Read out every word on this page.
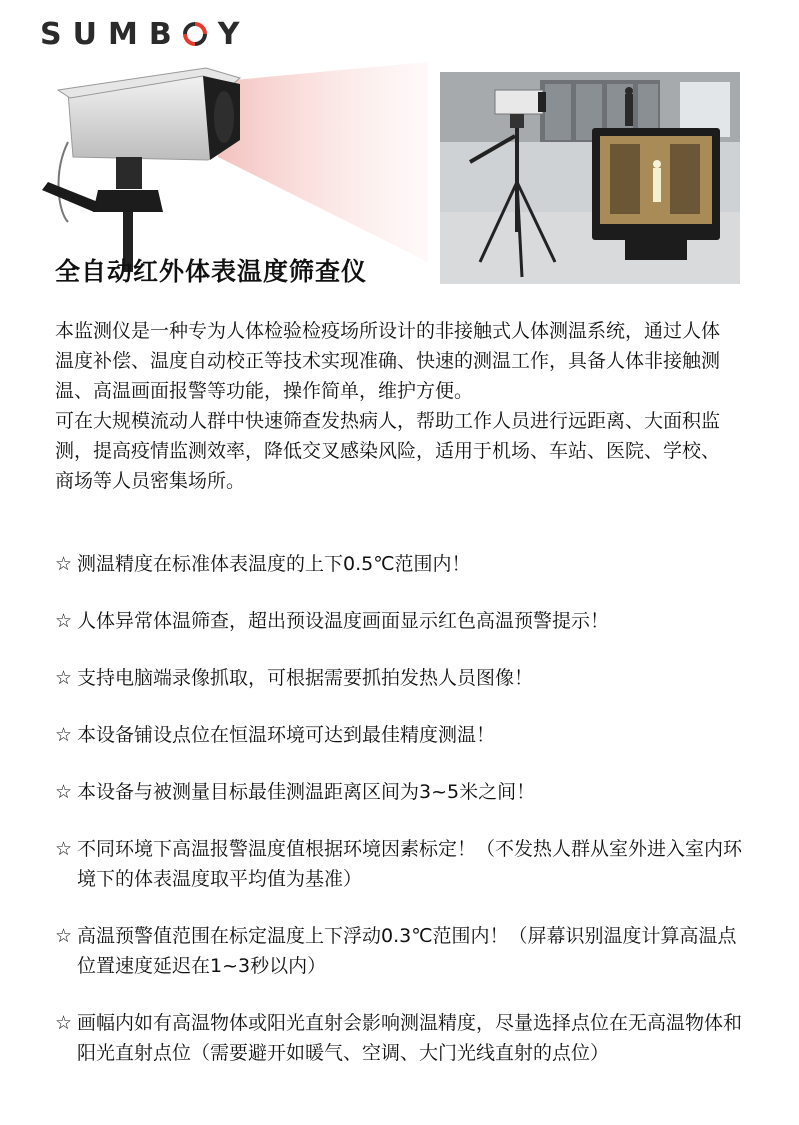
SUMB Y
全自动红外体表温度筛查仪

本监测仪是一种专为人体检验检疫场所设计的非接触式人体测温系统，通过人体温度补偿、温度自动校正等技术实现准确、快速的测温工作，具备人体非接触测温、高温画面报警等功能，操作简单，维护方便。

可在大规模流动人群中快速筛查发热病人，帮助工作人员进行远距离、大面积监测，提高疫情监测效率，降低交叉感染风险，适用于机场、车站、医院、学校、商场等人员密集场所。

☆ 测温精度在标准体表温度的上下0.5℃范围内！

☆ 人体异常体温筛查，超出预设温度画面显示红色高温预警提示！

☆ 支持电脑端录像抓取，可根据需要抓拍发热人员图像！

☆ 本设备铺设点位在恒温环境可达到最佳精度测温！

☆ 本设备与被测量目标最佳测温距离区间为3~5米之间！

☆ 不同环境下高温报警温度值根据环境因素标定！（不发热人群从室外进入室内环境下的体表温度取平均值为基准）

☆ 高温预警值范围在标定温度上下浮动0.3℃范围内！（屏幕识别温度计算高温点位置速度延迟在1~3秒以内）

☆ 画幅内如有高温物体或阳光直射会影响测温精度，尽量选择点位在无高温物体和阳光直射点位（需要避开如暖气、空调、大门光线直射的点位）
